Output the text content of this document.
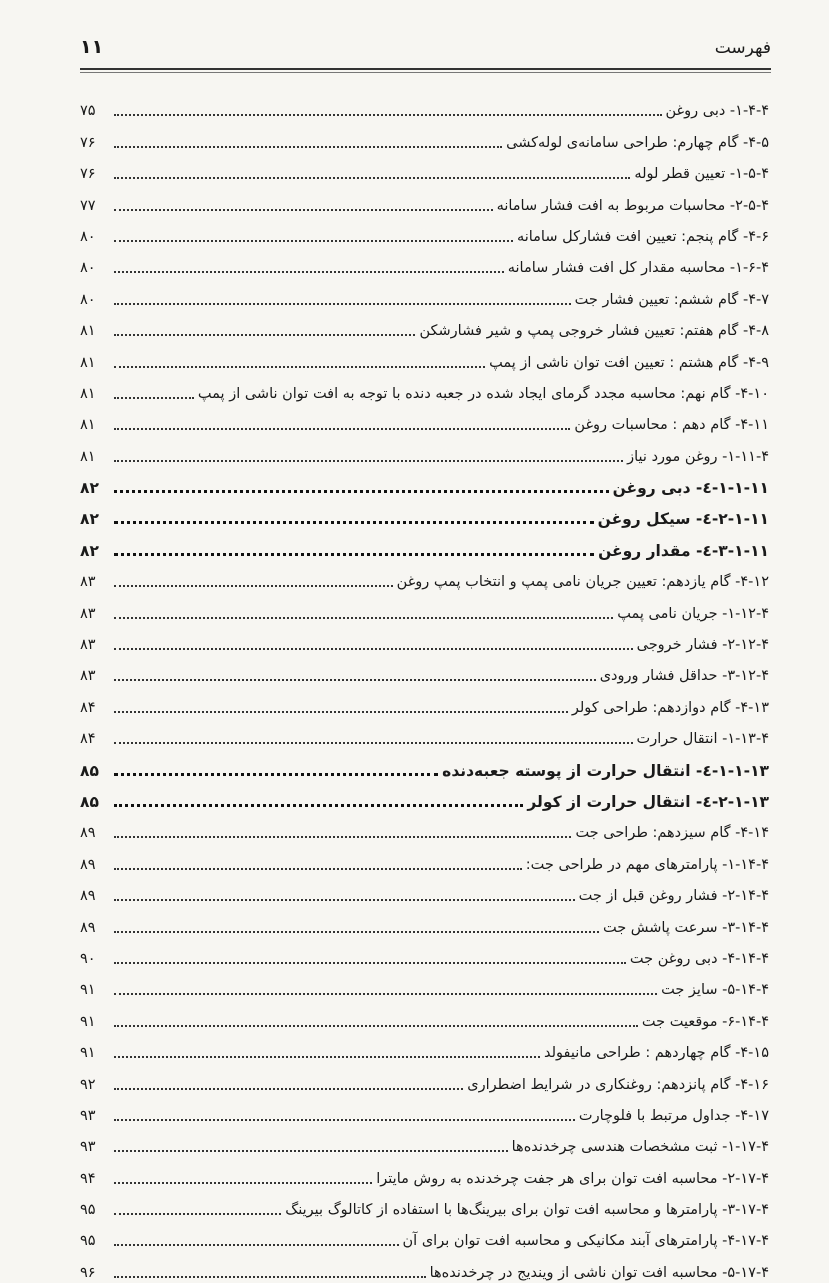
فهرست
۱۱
۱-۴-۴- دبی روغن
۷۵
۴-۵- گام چهارم: طراحی سامانه‌ی لوله‌کشی
۷۶
۱-۵-۴- تعیین قطر لوله
۷۶
۲-۵-۴- محاسبات مربوط به افت فشار سامانه
۷۷
۴-۶- گام پنجم: تعیین افت فشارکل سامانه
۸۰
۱-۶-۴- محاسبه مقدار کل افت فشار سامانه
۸۰
۴-۷- گام ششم: تعیین فشار جت
۸۰
۴-۸- گام هفتم: تعیین فشار خروجی پمپ و شیر فشارشکن
۸۱
۴-۹- گام هشتم : تعیین افت توان ناشی از پمپ
۸۱
۴-۱۰- گام نهم: محاسبه مجدد گرمای ایجاد شده در جعبه دنده با توجه به افت توان ناشی از پمپ
۸۱
۴-۱۱- گام دهم : محاسبات روغن
۸۱
۱-۱۱-۴- روغن مورد نیاز
۸۱
۱-۱-۱۱-٤- دبی روغن
۸۲
۲-۱-۱۱-٤- سیکل روغن
۸۲
۳-۱-۱۱-٤- مقدار روغن
۸۲
۴-۱۲- گام یازدهم: تعیین جریان نامی پمپ و انتخاب پمپ روغن
۸۳
۱-۱۲-۴- جریان نامی پمپ
۸۳
۲-۱۲-۴- فشار خروجی
۸۳
۳-۱۲-۴- حداقل فشار ورودی
۸۳
۴-۱۳- گام دوازدهم: طراحی کولر
۸۴
۱-۱۳-۴- انتقال حرارت
۸۴
۱-۱-۱۳-٤- انتقال حرارت از پوسته جعبه‌دنده
۸۵
۲-۱-۱۳-٤- انتقال حرارت از کولر
۸۵
۴-۱۴- گام سیزدهم: طراحی جت
۸۹
۱-۱۴-۴- پارامترهای مهم در طراحی جت:
۸۹
۲-۱۴-۴- فشار روغن قبل از جت
۸۹
۳-۱۴-۴- سرعت پاشش جت
۸۹
۴-۱۴-۴- دبی روغن جت
۹۰
۵-۱۴-۴- سایز جت
۹۱
۶-۱۴-۴- موقعیت جت
۹۱
۴-۱۵- گام چهاردهم : طراحی مانیفولد
۹۱
۴-۱۶- گام پانزدهم: روغنکاری در شرایط اضطراری
۹۲
۴-۱۷- جداول مرتبط با فلوچارت
۹۳
۱-۱۷-۴- ثبت مشخصات هندسی چرخدنده‌ها
۹۳
۲-۱۷-۴- محاسبه افت توان برای هر جفت چرخدنده به روش مایترا
۹۴
۳-۱۷-۴- پارامترها و محاسبه افت توان برای بیرینگ‌ها با استفاده از کاتالوگ بیرینگ
۹۵
۴-۱۷-۴- پارامترهای آبند مکانیکی و محاسبه افت توان برای آن
۹۵
۵-۱۷-۴- محاسبه افت توان ناشی از ویندیج در چرخدنده‌ها
۹۶
